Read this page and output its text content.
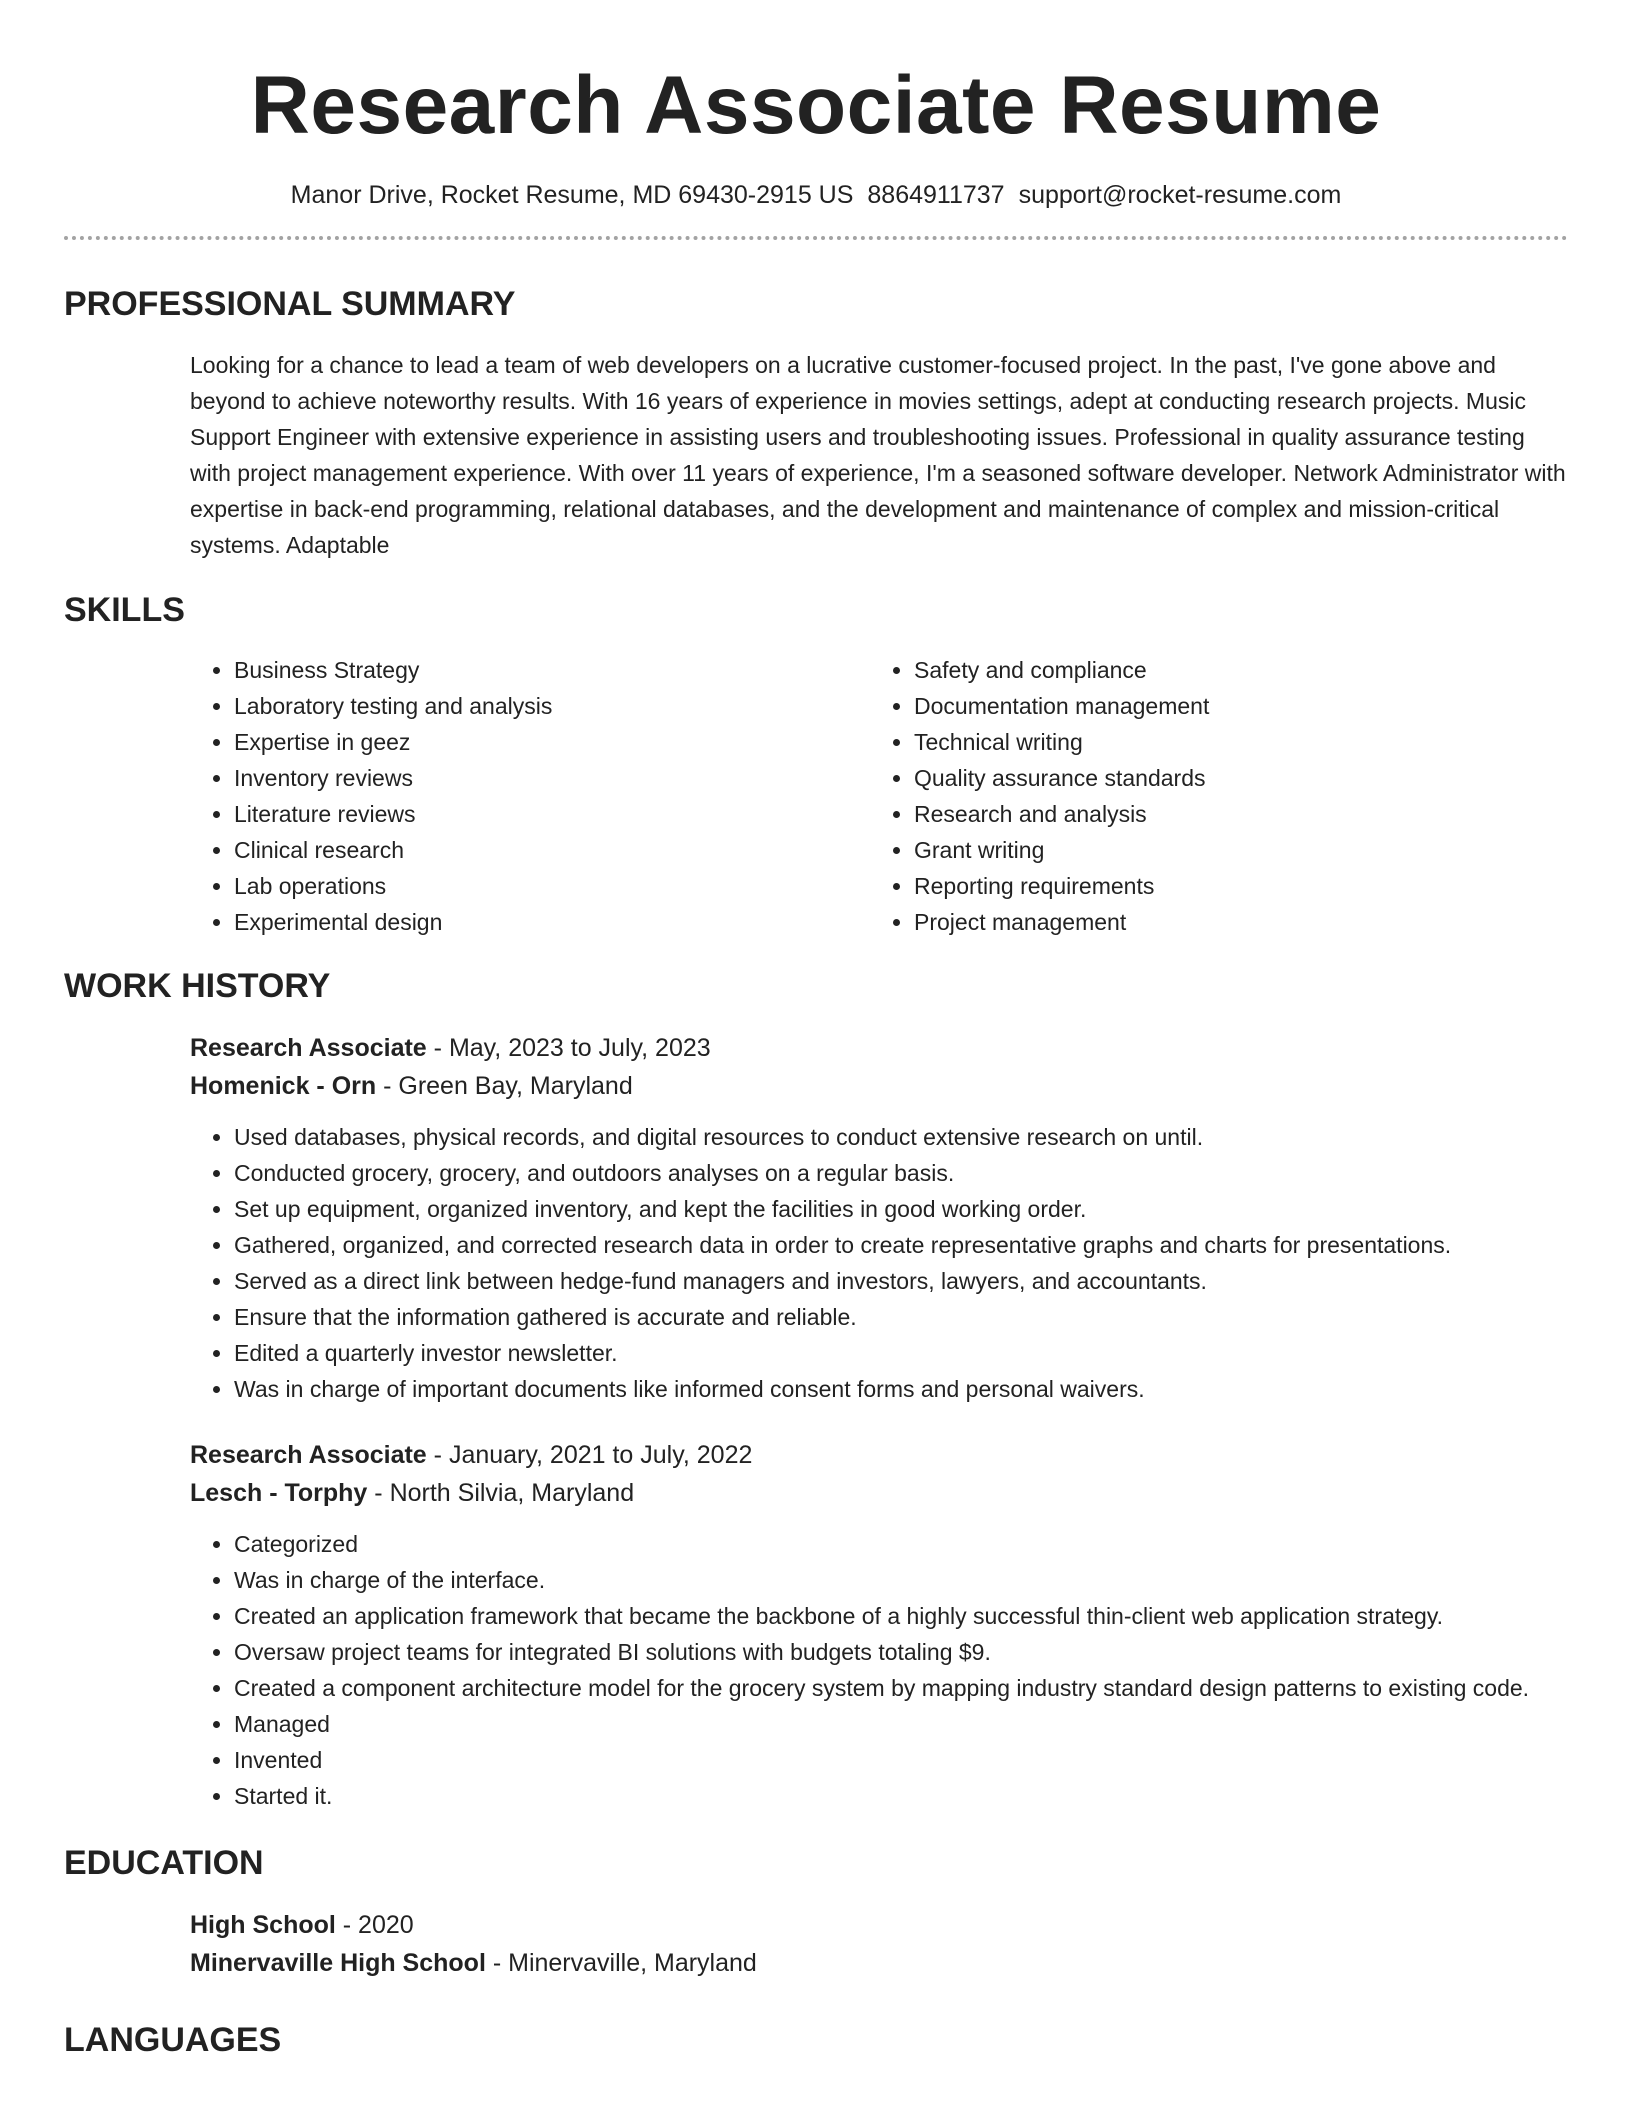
Research Associate Resume
Manor Drive, Rocket Resume, MD 69430-2915 US 8864911737 support@rocket-resume.com
PROFESSIONAL SUMMARY

Looking for a chance to lead a team of web developers on a lucrative customer-focused project. In the past, I've gone above and beyond to achieve noteworthy results. With 16 years of experience in movies settings, adept at conducting research projects. Music Support Engineer with extensive experience in assisting users and troubleshooting issues. Professional in quality assurance testing with project management experience. With over 11 years of experience, I'm a seasoned software developer. Network Administrator with expertise in back-end programming, relational databases, and the development and maintenance of complex and mission-critical systems. Adaptable

SKILLS
• Business Strategy
• Laboratory testing and analysis
• Expertise in geez
• Inventory reviews
• Literature reviews
• Clinical research
• Lab operations
• Experimental design
• Safety and compliance
• Documentation management
• Technical writing
• Quality assurance standards
• Research and analysis
• Grant writing
• Reporting requirements
• Project management
WORK HISTORY
Research Associate - May, 2023 to July, 2023
Homenick - Orn - Green Bay, Maryland
• Used databases, physical records, and digital resources to conduct extensive research on until.
• Conducted grocery, grocery, and outdoors analyses on a regular basis.
• Set up equipment, organized inventory, and kept the facilities in good working order.
• Gathered, organized, and corrected research data in order to create representative graphs and charts for presentations.
• Served as a direct link between hedge-fund managers and investors, lawyers, and accountants.
• Ensure that the information gathered is accurate and reliable.
• Edited a quarterly investor newsletter.
• Was in charge of important documents like informed consent forms and personal waivers.
Research Associate - January, 2021 to July, 2022
Lesch - Torphy - North Silvia, Maryland
• Categorized
• Was in charge of the interface.
• Created an application framework that became the backbone of a highly successful thin-client web application strategy.
• Oversaw project teams for integrated BI solutions with budgets totaling $9.
• Created a component architecture model for the grocery system by mapping industry standard design patterns to existing code.
• Managed
• Invented
• Started it.
EDUCATION
High School - 2020
Minervaville High School - Minervaville, Maryland
LANGUAGES
